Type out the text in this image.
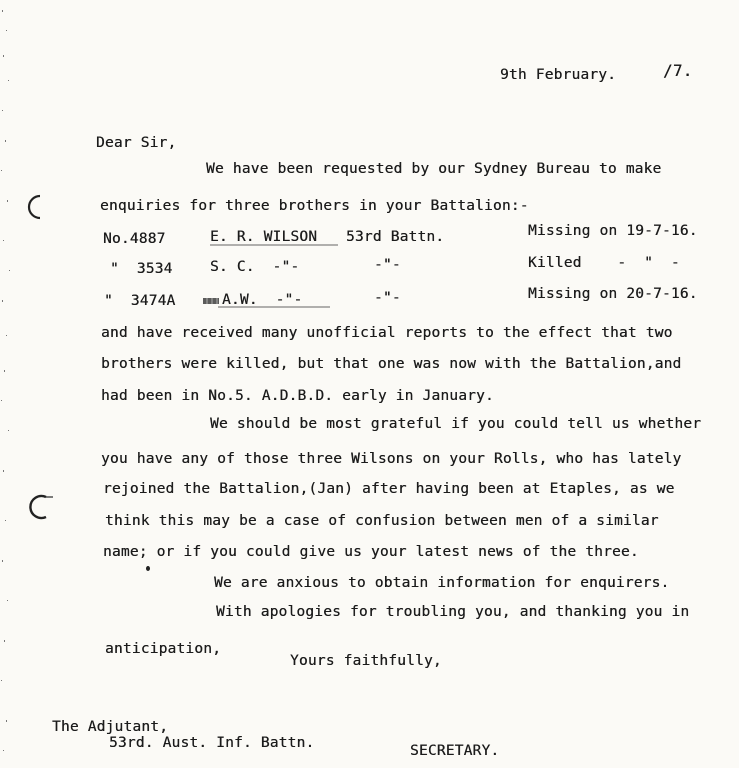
9th February.	/7.
Dear Sir,
We have been requested by our Sydney Bureau to make
enquiries for three brothers in your Battalion:-
No.4887	E. R. WILSON 53rd Battn.	Missing on 19-7-16.
"  3534	S. C.  -"-	-"-	Killed    -  "  -
"  3474A	A.W.  -"-	-"-	Missing on 20-7-16.
and have received many unofficial reports to the effect that two
brothers were killed, but that one was now with the Battalion,and
had been in No.5. A.D.B.D. early in January.
We should be most grateful if you could tell us whether
you have any of those three Wilsons on your Rolls, who has lately
rejoined the Battalion,(Jan) after having been at Etaples, as we
think this may be a case of confusion between men of a similar
name; or if you could give us your latest news of the three.
We are anxious to obtain information for enquirers.
With apologies for troubling you, and thanking you in
anticipation,
Yours faithfully,
The Adjutant,
53rd. Aust. Inf. Battn.	SECRETARY.
